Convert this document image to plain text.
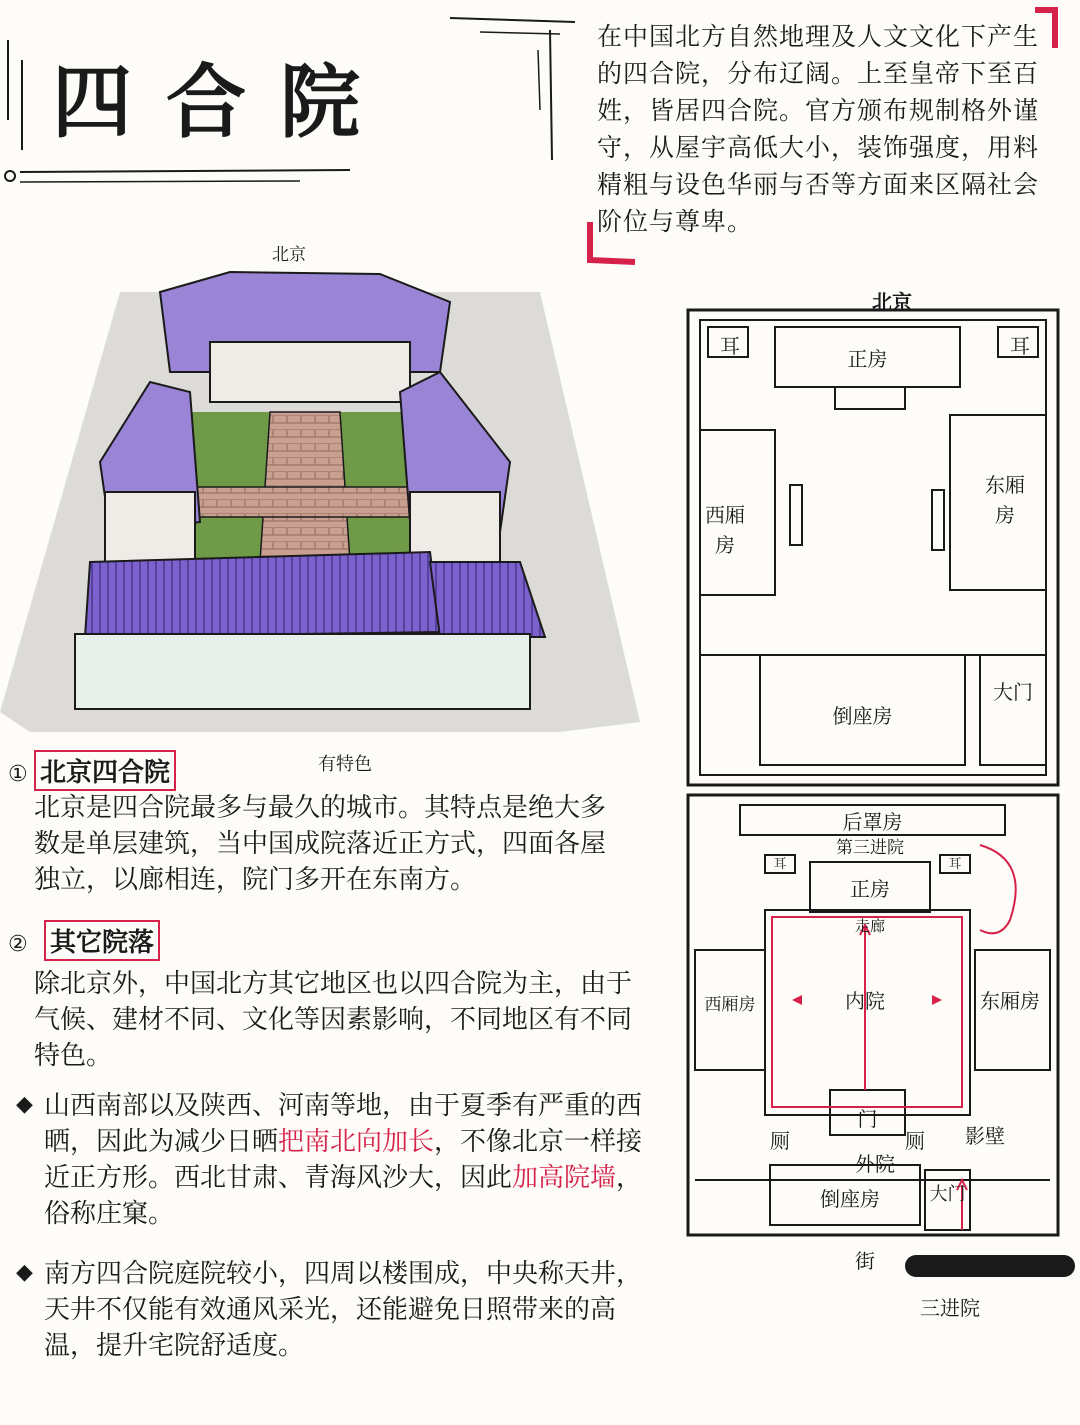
四合院
在中国北方自然地理及人文文化下产生的四合院，分布辽阔。上至皇帝下至百姓，皆居四合院。官方颁布规制格外谨守，从屋宇高低大小，装饰强度，用料精粗与设色华丽与否等方面来区隔社会阶位与尊卑。
北京
北京
耳	耳
正房
西厢房
东厢房
倒座房
大门
后罩房
第三进院
耳	耳
正房
走廊
内院
西厢房	东厢房
门
厕	厕	影壁
外院
倒座房	大门
街
三进院
① 北京四合院	有特色
北京是四合院最多与最久的城市。其特点是绝大多数是单层建筑，当中国成院落近正方式，四面各屋独立，以廊相连，院门多开在东南方。
② 其它院落
除北京外，中国北方其它地区也以四合院为主，由于气候、建材不同、文化等因素影响，不同地区有不同特色。
◆ 山西南部以及陕西、河南等地，由于夏季有严重的西晒，因此为减少日晒把南北向加长，不像北京一样接近正方形。西北甘肃、青海风沙大，因此加高院墙，俗称庄窠。
◆ 南方四合院庭院较小，四周以楼围成，中央称天井，天井不仅能有效通风采光，还能避免日照带来的高温，提升宅院舒适度。
